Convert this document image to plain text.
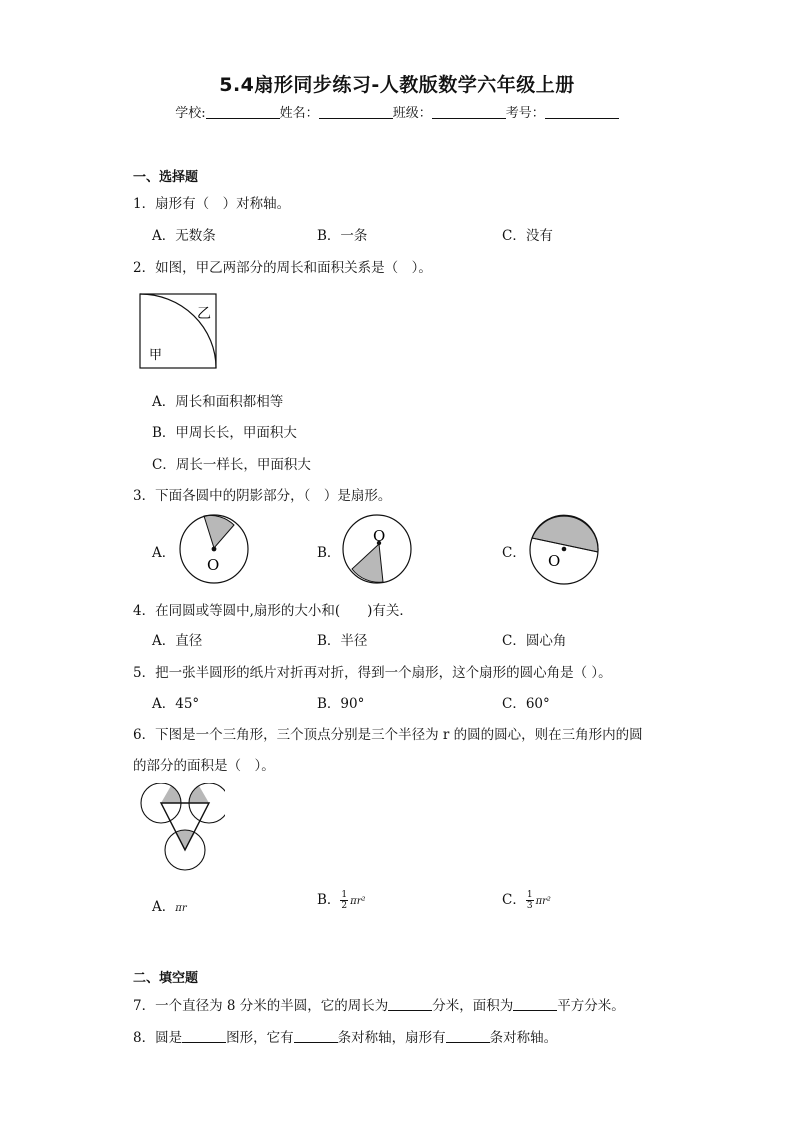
5.4扇形同步练习-人教版数学六年级上册
学校:	姓名：	班级：	考号：
一、选择题
1．扇形有（　）对称轴。
A．无数条	B．一条	C．没有
2．如图，甲乙两部分的周长和面积关系是（　）。
乙
甲
A．周长和面积都相等
B．甲周长长，甲面积大
C．周长一样长，甲面积大
3．下面各圆中的阴影部分，（　）是扇形。
A．
O
B．
O
C． O
4．在同圆或等圆中,扇形的大小和(　　)有关．
A．直径	B．半径	C．圆心角
5．把一张半圆形的纸片对折再对折，得到一个扇形，这个扇形的圆心角是（ ）。
A．45°	B．90°	C．60°
6．下图是一个三角形，三个顶点分别是三个半径为 r 的圆的圆心，则在三角形内的圆
的部分的面积是（　）。
A．πr
B． $\frac{1}{2} \pi r^2$	C． $\frac{1}{3} \pi r^2$
二、填空题
7．一个直径为 8 分米的半圆，它的周长为	分米，面积为	平方分米。
8．圆是	图形，它有	条对称轴，扇形有	条对称轴。
